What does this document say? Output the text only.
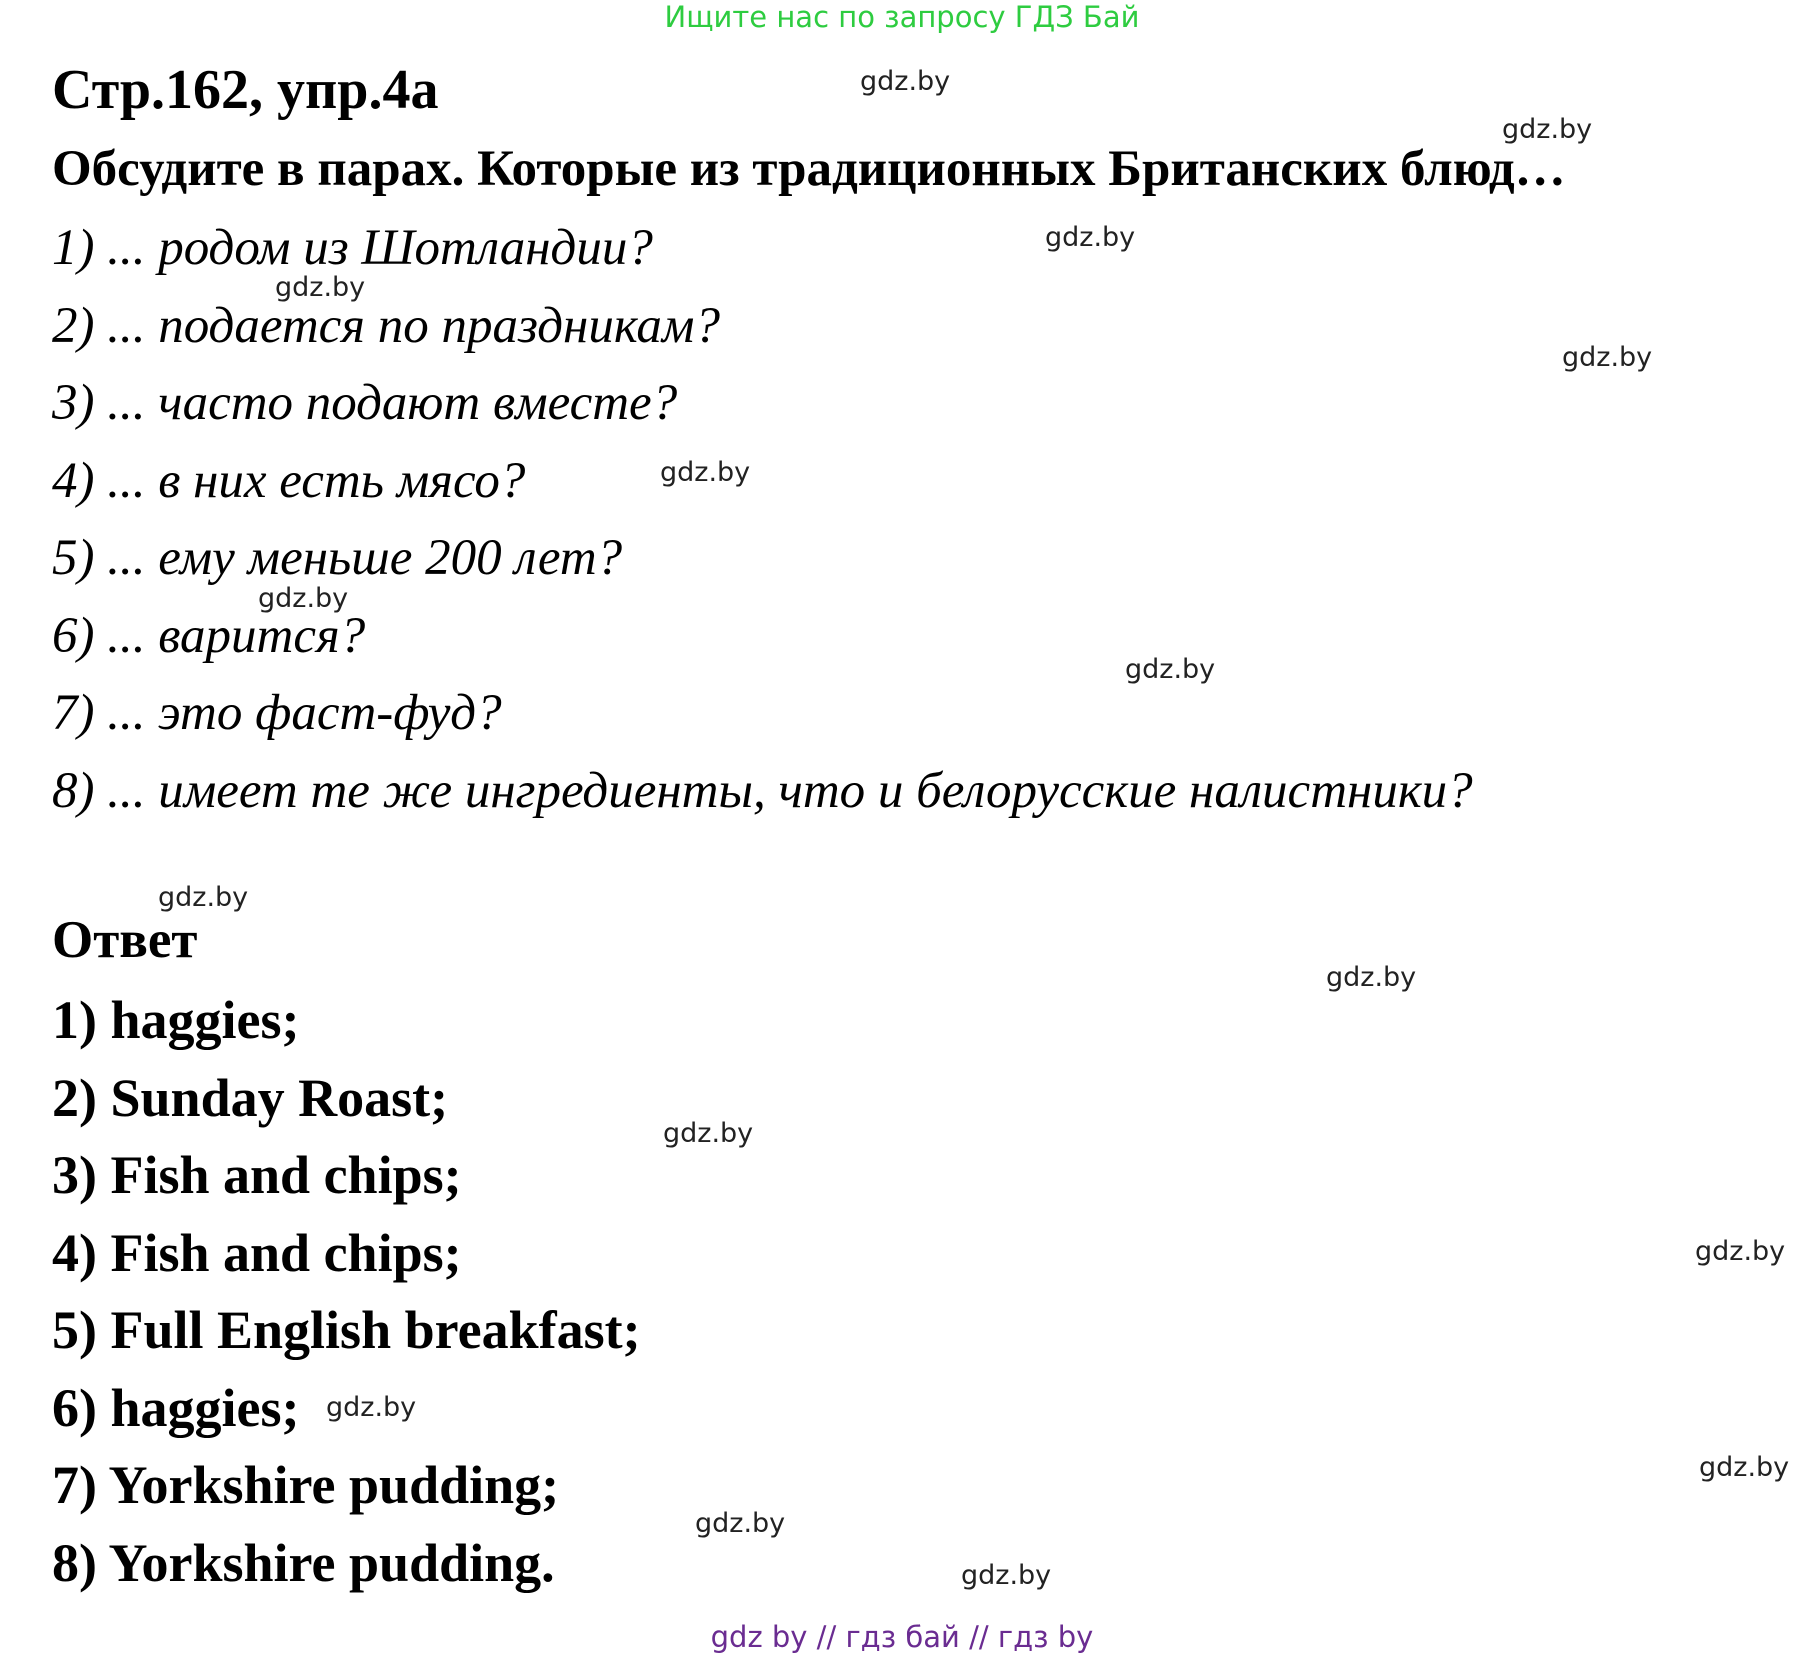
Ищите нас по запросу ГДЗ Бай
Стр.162, упр.4а
Обсудите в парах. Которые из традиционных Британских блюд…
1) ... родом из Шотландии?
2) ... подается по праздникам?
3) ... часто подают вместе?
4) ... в них есть мясо?
5) ... ему меньше 200 лет?
6) ... варится?
7) ... это фаст-фуд?
8) ... имеет те же ингредиенты, что и белорусские налистники?
Ответ
1) haggies;
2) Sunday Roast;
3) Fish and chips;
4) Fish and chips;
5) Full English breakfast;
6) haggies;
7) Yorkshire pudding;
8) Yorkshire pudding.
gdz.by
gdz.by
gdz.by
gdz.by
gdz.by
gdz.by
gdz.by
gdz.by
gdz.by
gdz.by
gdz.by
gdz.by
gdz.by
gdz.by
gdz.by
gdz.by
gdz by // гдз бай // гдз by
